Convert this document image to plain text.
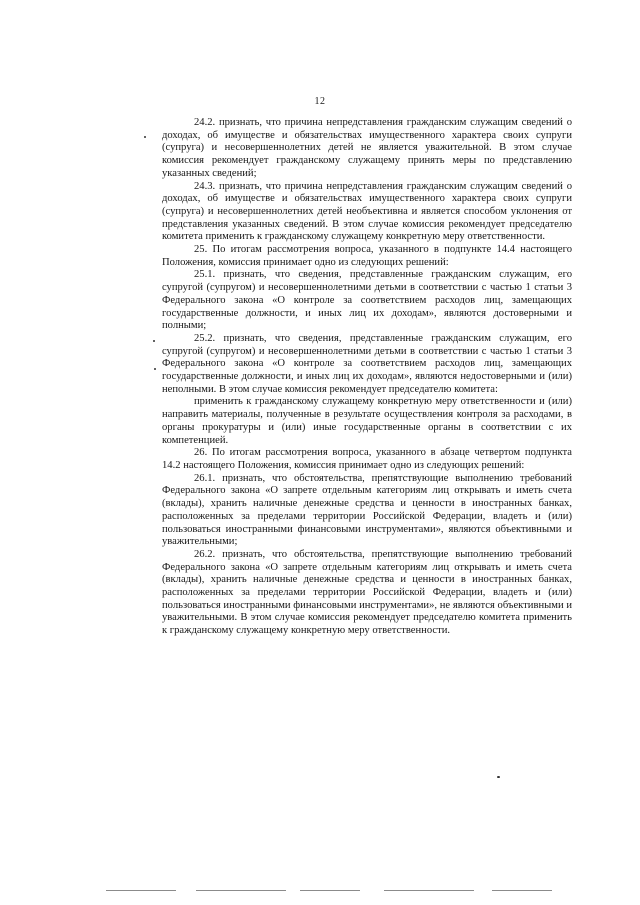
12

24.2. признать, что причина непредставления гражданским служащим сведений о доходах, об имуществе и обязательствах имущественного характера своих супруги (супруга) и несовершеннолетних детей не является уважительной. В этом случае комиссия рекомендует гражданскому служащему принять меры по представлению указанных сведений;

24.3. признать, что причина непредставления гражданским служащим сведений о доходах, об имуществе и обязательствах имущественного характера своих супруги (супруга) и несовершеннолетних детей необъективна и является способом уклонения от представления указанных сведений. В этом случае комиссия рекомендует председателю комитета применить к гражданскому служащему конкретную меру ответственности.

25. По итогам рассмотрения вопроса, указанного в подпункте 14.4 настоящего Положения, комиссия принимает одно из следующих решений:

25.1. признать, что сведения, представленные гражданским служащим, его супругой (супругом) и несовершеннолетними детьми в соответствии с частью 1 статьи 3 Федерального закона «О контроле за соответствием расходов лиц, замещающих государственные должности, и иных лиц их доходам», являются достоверными и полными;

25.2. признать, что сведения, представленные гражданским служащим, его супругой (супругом) и несовершеннолетними детьми в соответствии с частью 1 статьи 3 Федерального закона «О контроле за соответствием расходов лиц, замещающих государственные должности, и иных лиц их доходам», являются недостоверными и (или) неполными. В этом случае комиссия рекомендует председателю комитета:

применить к гражданскому служащему конкретную меру ответственности и (или) направить материалы, полученные в результате осуществления контроля за расходами, в органы прокуратуры и (или) иные государственные органы в соответствии с их компетенцией.

26. По итогам рассмотрения вопроса, указанного в абзаце четвертом подпункта 14.2 настоящего Положения, комиссия принимает одно из следующих решений:

26.1. признать, что обстоятельства, препятствующие выполнению требований Федерального закона «О запрете отдельным категориям лиц открывать и иметь счета (вклады), хранить наличные денежные средства и ценности в иностранных банках, расположенных за пределами территории Российской Федерации, владеть и (или) пользоваться иностранными финансовыми инструментами», являются объективными и уважительными;

26.2. признать, что обстоятельства, препятствующие выполнению требований Федерального закона «О запрете отдельным категориям лиц открывать и иметь счета (вклады), хранить наличные денежные средства и ценности в иностранных банках, расположенных за пределами территории Российской Федерации, владеть и (или) пользоваться иностранными финансовыми инструментами», не являются объективными и уважительными. В этом случае комиссия рекомендует председателю комитета применить к гражданскому служащему конкретную меру ответственности.
